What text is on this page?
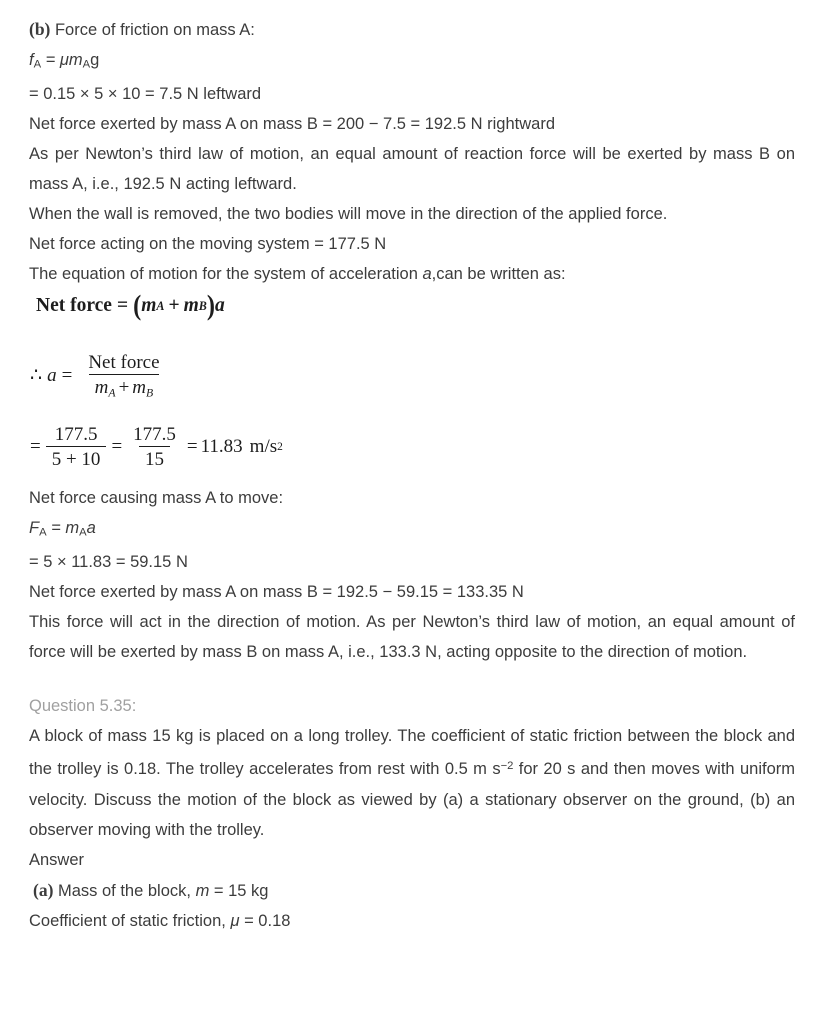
(b) Force of friction on mass A:
$f_A = \mu m_Ag$
= 0.15 × 5 × 10 = 7.5 N leftward
Net force exerted by mass A on mass B = 200 − 7.5 = 192.5 N rightward
As per Newton’s third law of motion, an equal amount of reaction force will be exerted by mass B on mass A, i.e., 192.5 N acting leftward.
When the wall is removed, the two bodies will move in the direction of the applied force.
Net force acting on the moving system = 177.5 N
The equation of motion for the system of acceleration a,can be written as:
Net force = ( m A + m B ) a
∴ $a = \frac{\text{Net force}}{mA + mB}$
= $\frac{177.5}{5 + 10} = \frac{177.5}{15} = 11.83$ m/s 2
Net force causing mass A to move:
$F_A = m_Aa$
= 5 × 11.83 = 59.15 N
Net force exerted by mass A on mass B = 192.5 − 59.15 = 133.35 N
This force will act in the direction of motion. As per Newton’s third law of motion, an equal amount of force will be exerted by mass B on mass A, i.e., 133.3 N, acting opposite to the direction of motion.
Question 5.35:
A block of mass 15 kg is placed on a long trolley. The coefficient of static friction between the block and the trolley is 0.18. The trolley accelerates from rest with 0.5 m $s^{-2}$ for 20 s and then moves with uniform velocity. Discuss the motion of the block as viewed by (a) a stationary observer on the ground, (b) an observer moving with the trolley.
Answer
(a) Mass of the block, m = 15 kg
Coefficient of static friction, μ = 0.18
